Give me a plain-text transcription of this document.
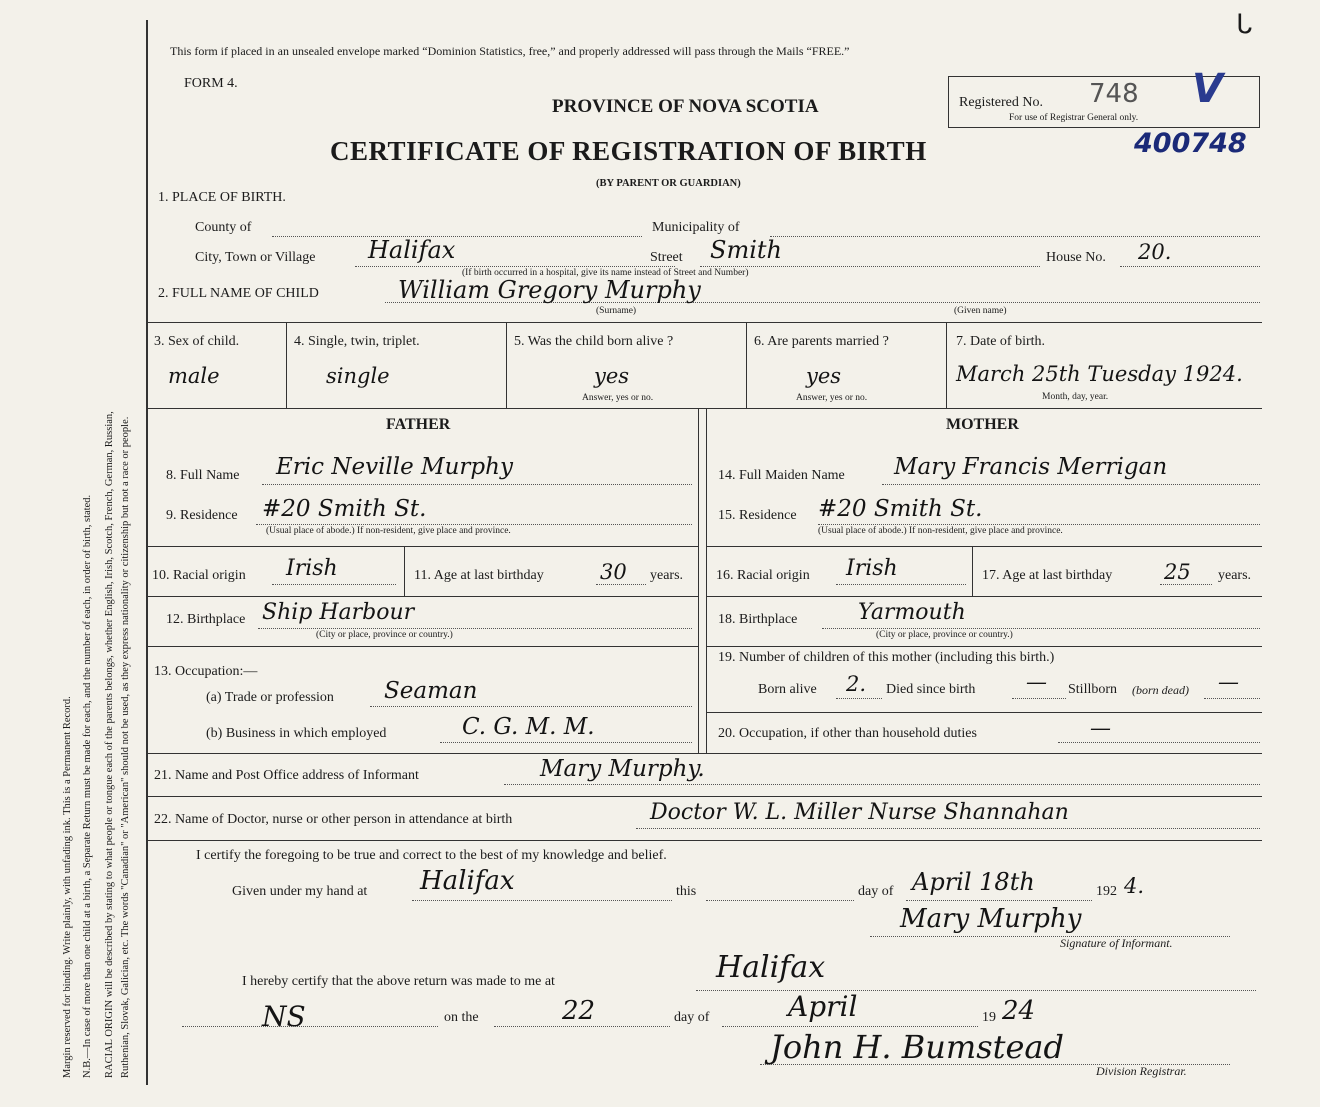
Margin reserved for binding. Write plainly, with unfading ink. This is a Permanent Record. N.B.—In case of more than one child at a birth, a Separate Return must be made for each, and the number of each, in order of birth, stated. RACIAL ORIGIN will be described by stating to what people or tongue each of the parents belongs, whether English, Irish, Scotch, French, German, Russian, Ruthenian, Slovak, Galician, etc. The words "Canadian" or "American" should not be used, as they express nationality or citizenship but not a race or people.
This form if placed in an unsealed envelope marked “Dominion Statistics, free,” and properly addressed will pass through the Mails “FREE.”
FORM 4.
PROVINCE OF NOVA SCOTIA
CERTIFICATE OF REGISTRATION OF BIRTH
(BY PARENT OR GUARDIAN)
Registered No. 748
For use of Registrar General only.
V
ᒐ
400748
1. PLACE OF BIRTH.
County of	Municipality of
City, Town or Village Halifax	Street Smith	House No. 20.
(If birth occurred in a hospital, give its name instead of Street and Number)
2. FULL NAME OF CHILD	William Gregory Murphy
(Surname)	(Given name)
3. Sex of child.
male
4. Single, twin, triplet.
single
5. Was the child born alive ?
yes
Answer, yes or no.
6. Are parents married ?
yes
Answer, yes or no.
7. Date of birth.
March 25th Tuesday 1924.
Month, day, year.
FATHER	MOTHER
8. Full Name Eric Neville Murphy
9. Residence #20 Smith St.
(Usual place of abode.) If non-resident, give place and province.
10. Racial origin Irish	11. Age at last birthday	30 years.
12. Birthplace Ship Harbour
(City or place, province or country.)
13. Occupation:—
(a) Trade or profession Seaman
(b) Business in which employed	C. G. M. M.
14. Full Maiden Name Mary Francis Merrigan
15. Residence #20 Smith St.
(Usual place of abode.) If non-resident, give place and province.
16. Racial origin Irish	17. Age at last birthday 25 years.
18. Birthplace	Yarmouth
(City or place, province or country.)
19. Number of children of this mother (including this birth.)
Born alive 2. Died since birth — Stillborn (born dead) —
20. Occupation, if other than household duties	—
21. Name and Post Office address of Informant	Mary Murphy.
22. Name of Doctor, nurse or other person in attendance at birth	Doctor W. L. Miller Nurse Shannahan
I certify the foregoing to be true and correct to the best of my knowledge and belief.
Given under my hand at Halifax	this	day of April 18th	192 4.
Mary Murphy
Signature of Informant.
I hereby certify that the above return was made to me at	Halifax
NS	on the	22	day of	April	19 24
John H. Bumstead
Division Registrar.
